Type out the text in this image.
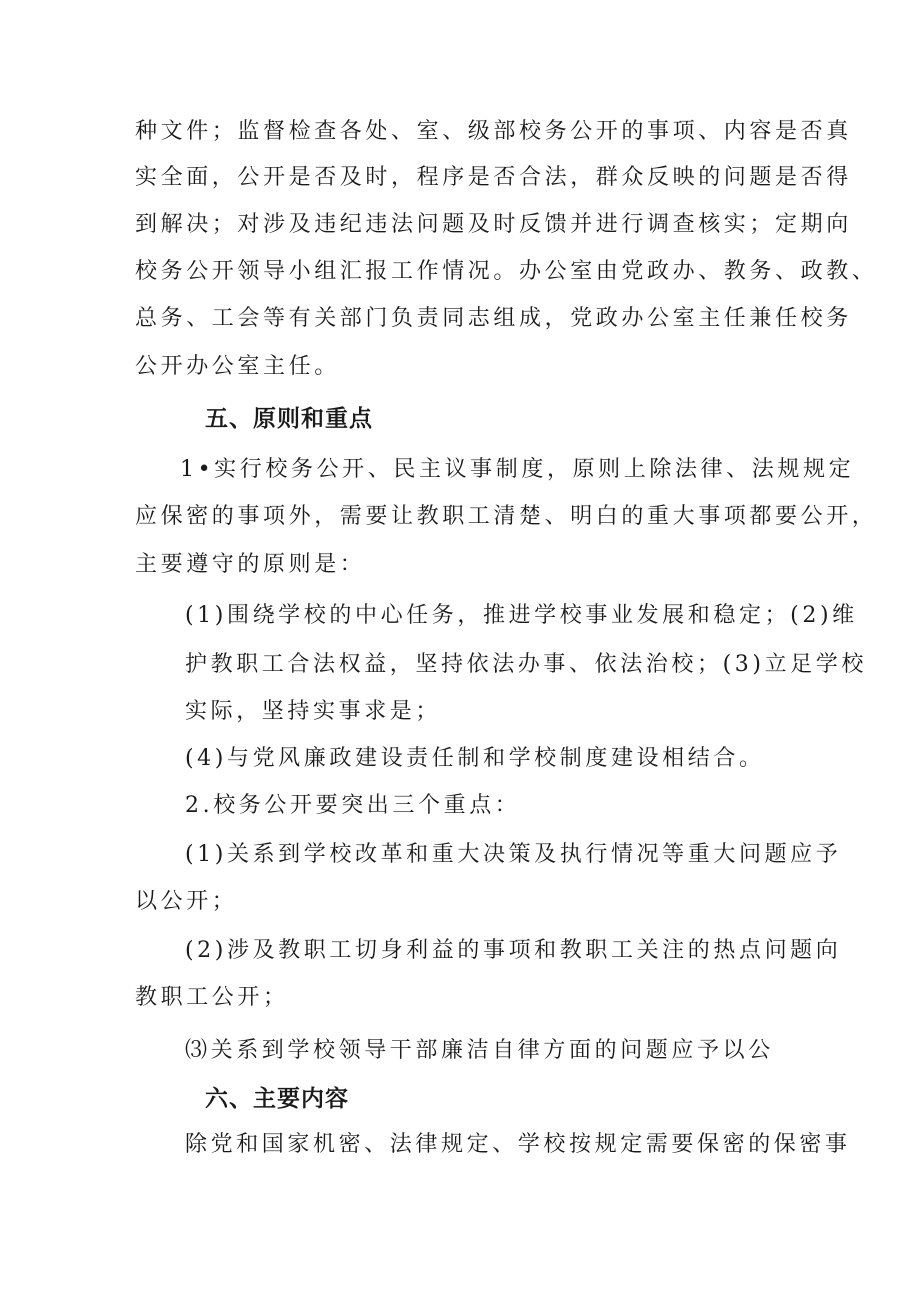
种文件；监督检查各处、室、级部校务公开的事项、内容是否真
实全面，公开是否及时，程序是否合法，群众反映的问题是否得
到解决；对涉及违纪违法问题及时反馈并进行调查核实；定期向
校务公开领导小组汇报工作情况。办公室由党政办、教务、政教、
总务、工会等有关部门负责同志组成，党政办公室主任兼任校务
公开办公室主任。
五、原则和重点
1•实行校务公开、民主议事制度，原则上除法律、法规规定
应保密的事项外，需要让教职工清楚、明白的重大事项都要公开，
主要遵守的原则是：
(1)围绕学校的中心任务，推进学校事业发展和稳定；(2)维
护教职工合法权益，坚持依法办事、依法治校；(3)立足学校
实际，坚持实事求是；
(4)与党风廉政建设责任制和学校制度建设相结合。
2.校务公开要突出三个重点：
(1)关系到学校改革和重大决策及执行情况等重大问题应予
以公开；
(2)涉及教职工切身利益的事项和教职工关注的热点问题向
教职工公开；
⑶关系到学校领导干部廉洁自律方面的问题应予以公
六、主要内容
除党和国家机密、法律规定、学校按规定需要保密的保密事
